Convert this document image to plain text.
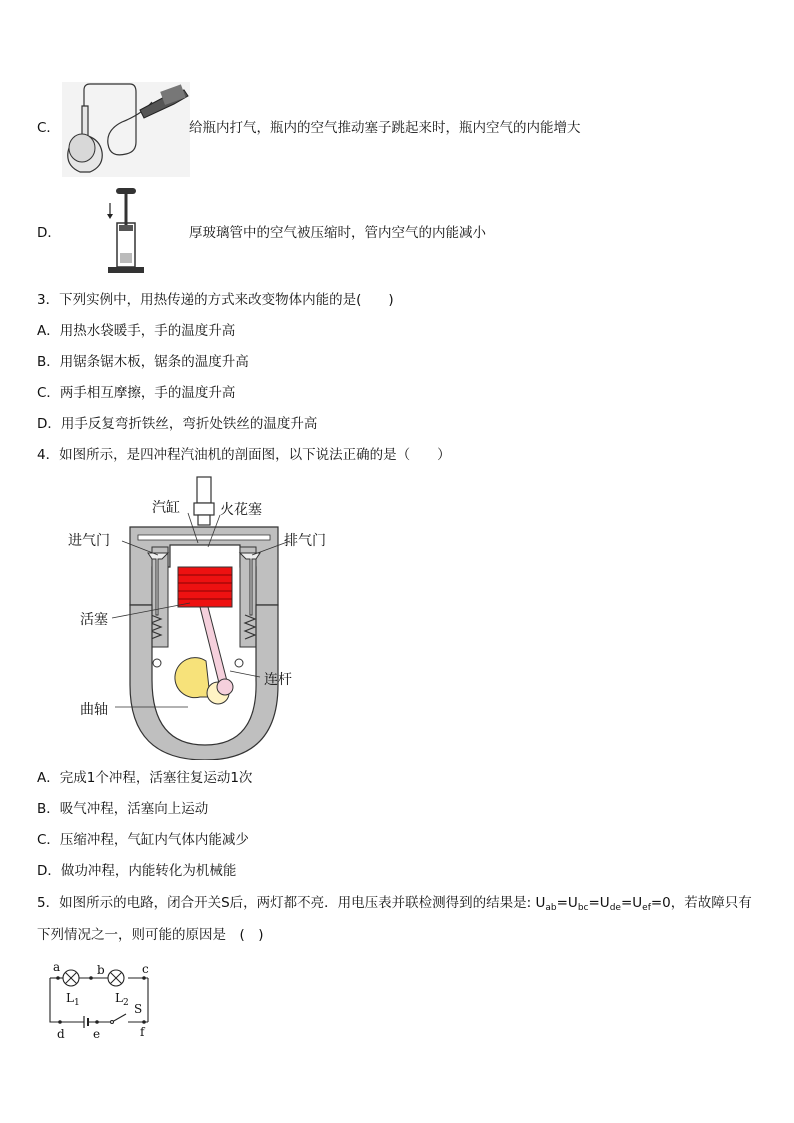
C．	给瓶内打气，瓶内的空气推动塞子跳起来时，瓶内空气的内能增大
D．	厚玻璃管中的空气被压缩时，管内空气的内能减小
3．下列实例中，用热传递的方式来改变物体内能的是(　　)
A．用热水袋暖手，手的温度升高
B．用锯条锯木板，锯条的温度升高
C．两手相互摩擦，手的温度升高
D．用手反复弯折铁丝，弯折处铁丝的温度升高
4．如图所示，是四冲程汽油机的剖面图，以下说法正确的是（　　）
汽缸	火花塞
进气门	排气门
活塞
连杆
曲轴
A．完成1个冲程，活塞往复运动1次
B．吸气冲程，活塞向上运动
C．压缩冲程，气缸内气体内能减少
D．做功冲程，内能转化为机械能
5．如图所示的电路，闭合开关S后，两灯都不亮．用电压表并联检测得到的结果是: $U_{ab}=U_{bc}=U_{de}=U_{ef}=0$，若故障只有
下列情况之一，则可能的原因是　(　)
a	b	c
$L_1$	$L_2$ S
d e	f
